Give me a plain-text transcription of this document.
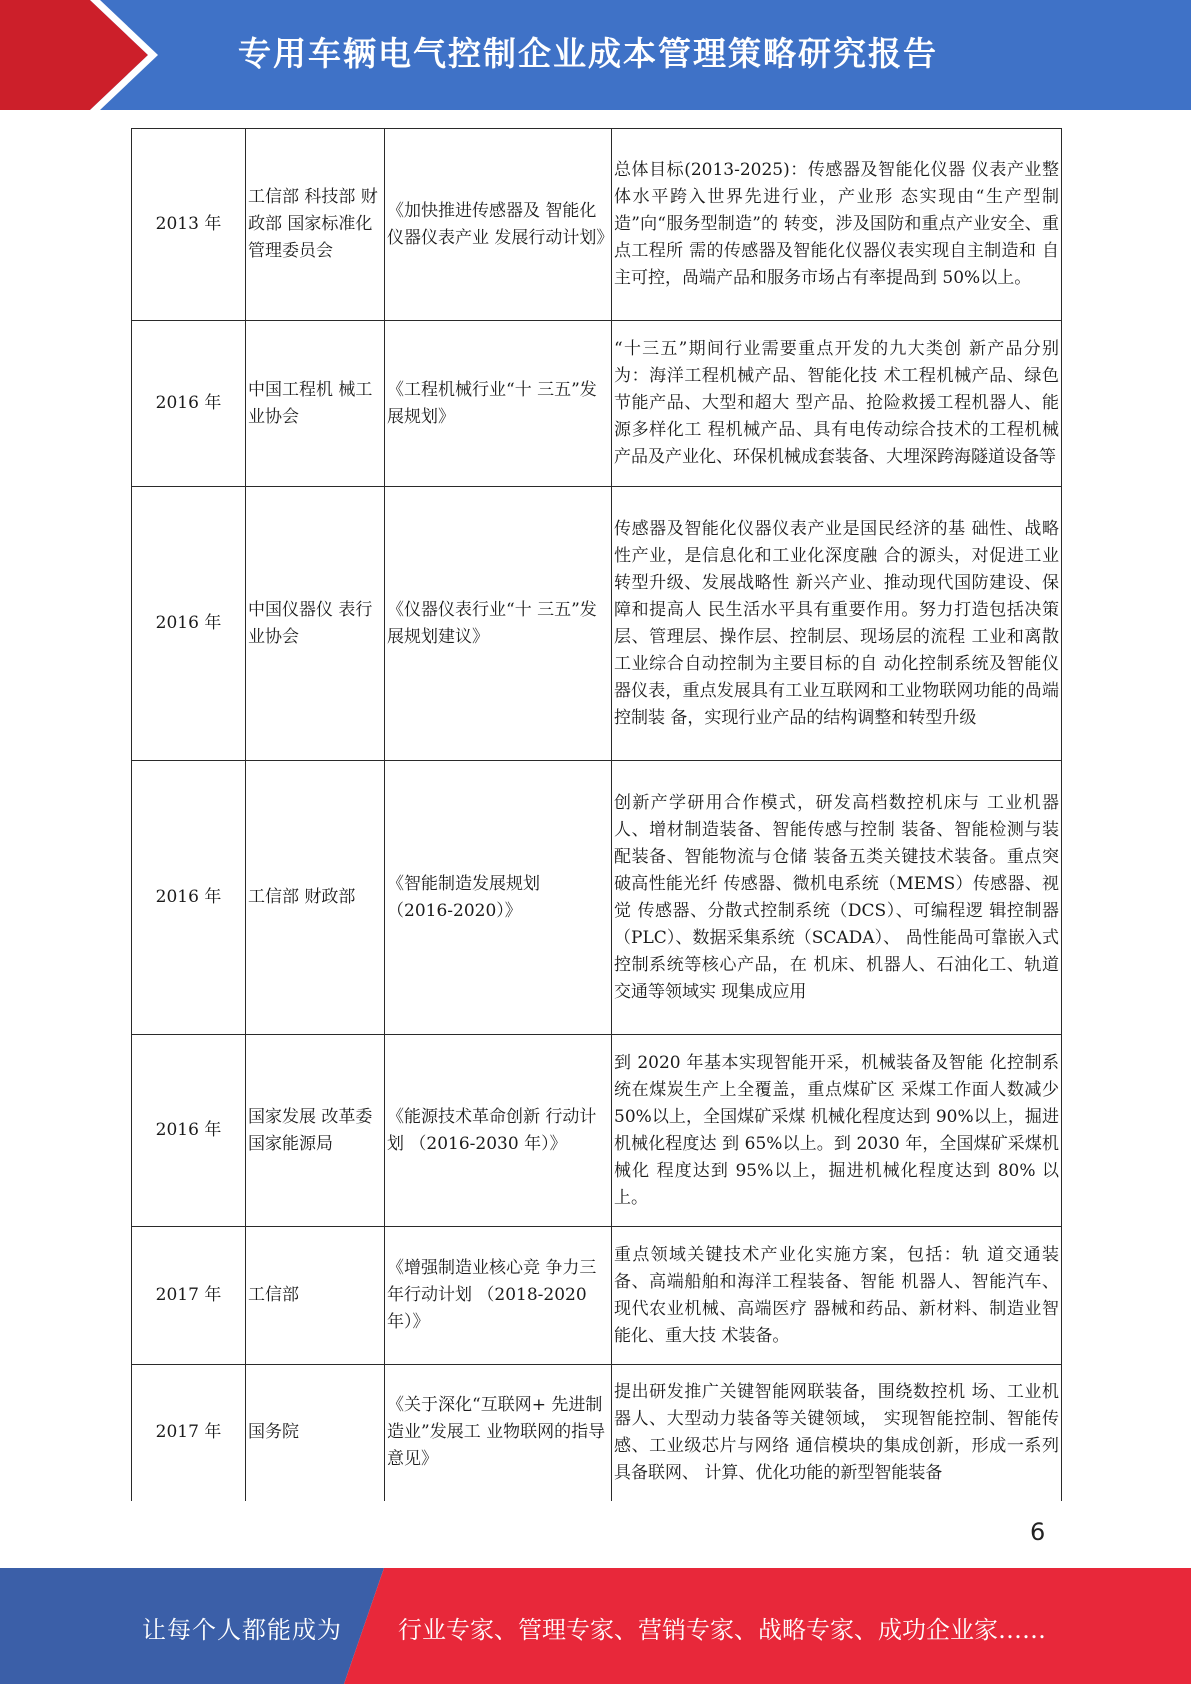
专用车辆电气控制企业成本管理策略研究报告
2013 年	工信部 科技部 财政部 国家标准化 管理委员会	《加快推进传感器及 智能化仪器仪表产业 发展行动计划》	总体目标(2013-2025)：传感器及智能化仪器 仪表产业整体水平跨入世界先进行业，产业形 态实现由“生产型制造”向“服务型制造”的 转变，涉及国防和重点产业安全、重点工程所 需的传感器及智能化仪器仪表实现自主制造和 自主可控，咼端产品和服务市场占有率提咼到 50%以上。
2016 年	中国工程机 械工业协会	《工程机械行业“十 三五”发展规划》	“十三五”期间行业需要重点开发的九大类创 新产品分别为：海洋工程机械产品、智能化技 术工程机械产品、绿色节能产品、大型和超大 型产品、抢险救援工程机器人、能源多样化工 程机械产品、具有电传动综合技术的工程机械 产品及产业化、环保机械成套装备、大埋深跨海隧道设备等
2016 年	中国仪器仪 表行业协会	《仪器仪表行业“十 三五”发展规划建议》	传感器及智能化仪器仪表产业是国民经济的基 础性、战略性产业，是信息化和工业化深度融 合的源头，对促进工业转型升级、发展战略性 新兴产业、推动现代国防建设、保障和提高人 民生活水平具有重要作用。努力打造包括决策 层、管理层、操作层、控制层、现场层的流程 工业和离散工业综合自动控制为主要目标的自 动化控制系统及智能仪器仪表，重点发展具有工业互联网和工业物联网功能的咼端控制装 备，实现行业产品的结构调整和转型升级
2016 年	工信部 财政部	《智能制造发展规划 （2016-2020）》	创新产学研用合作模式，研发高档数控机床与 工业机器人、增材制造装备、智能传感与控制 装备、智能检测与装配装备、智能物流与仓储 装备五类关键技术装备。重点突破高性能光纤 传感器、微机电系统（MEMS）传感器、视觉 传感器、分散式控制系统（DCS）、可编程逻 辑控制器（PLC）、数据采集系统（SCADA）、 咼性能咼可靠嵌入式控制系统等核心产品，在 机床、机器人、石油化工、轨道交通等领域实 现集成应用
2016 年	国家发展 改革委 国家能源局	《能源技术革命创新 行动计划 （2016-2030 年）》	到 2020 年基本实现智能开采，机械装备及智能 化控制系统在煤炭生产上全覆盖，重点煤矿区 采煤工作面人数减少 50%以上，全国煤矿采煤 机械化程度达到 90%以上，掘进机械化程度达 到 65%以上。到 2030 年，全国煤矿采煤机械化 程度达到 95%以上，掘进机械化程度达到 80% 以上。
2017 年	工信部	《增强制造业核心竞 争力三年行动计划 （2018-2020 年）》	重点领域关键技术产业化实施方案，包括：轨 道交通装备、高端船舶和海洋工程装备、智能 机器人、智能汽车、现代农业机械、高端医疗 器械和药品、新材料、制造业智能化、重大技 术装备。
2017 年	国务院	《关于深化“互联网+ 先进制造业”发展工 业物联网的指导意见》	提出研发推广关键智能网联装备，围绕数控机 场、工业机器人、大型动力装备等关键领域， 实现智能控制、智能传感、工业级芯片与网络 通信模块的集成创新，形成一系列具备联网、 计算、优化功能的新型智能装备
6
让每个人都能成为 行业专家、管理专家、营销专家、战略专家、成功企业家……
